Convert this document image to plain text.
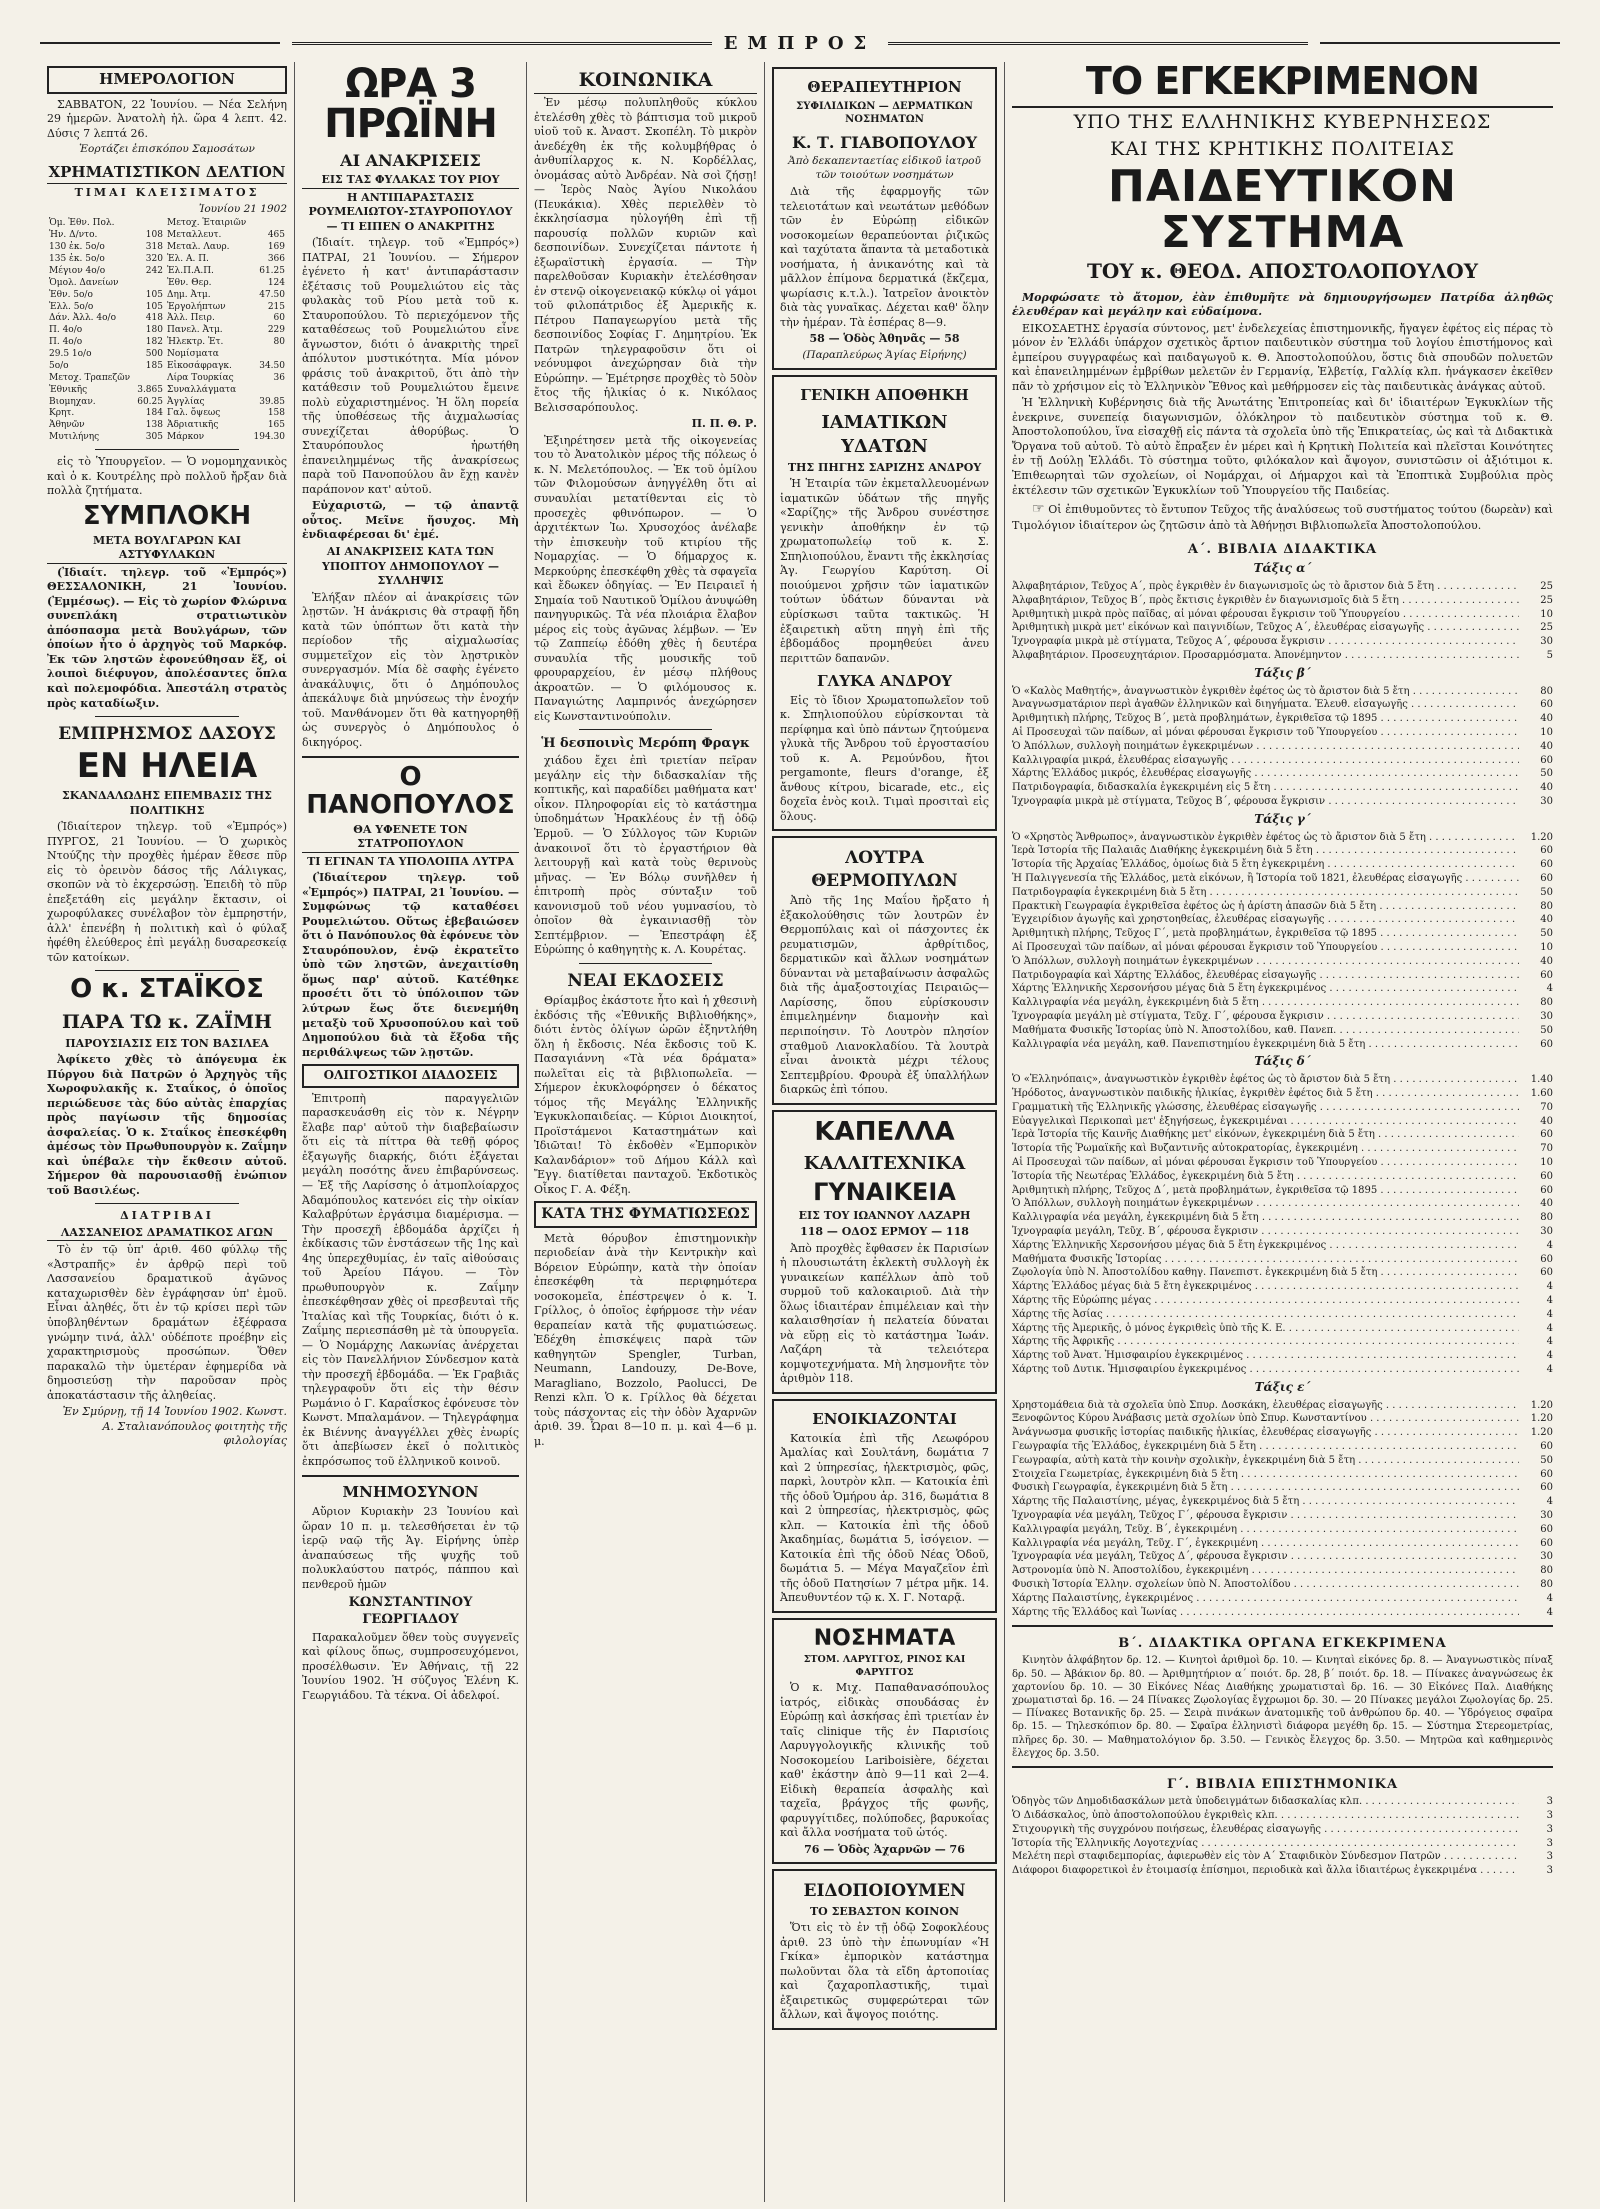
ΕΜΠΡΟΣ
ΗΜΕΡΟΛΟΓΙΟΝ

ΣΑΒΒΑΤΟΝ, 22 Ἰουνίου. — Νέα Σελήνη 29 ἡμερῶν. Ἀνατολὴ ἡλ. ὥρα 4 λεπτ. 42. Δύσις 7 λεπτά 26.

Ἑορτάζει ἑπισκόπου Σαμοσάτων
ΧΡΗΜΑΤΙΣΤΙΚΟΝ ΔΕΛΤΙΟΝ
ΤΙΜΑΙ ΚΛΕΙΣΙΜΑΤΟΣ
Ἰουνίου 21 1902
Ὁμ. Ἐθν. Πολ.		Μετοχ. Ἑταιριῶν	
Ἡν. Δ/ντο.	108	Μεταλλευτ.	465
130 ἐκ. 5ο/ο	318	Μεταλ. Λαυρ.	169
135 ἐκ. 5ο/ο	320	Ἑλ. Α. Π.	366
Μέγιον 4ο/ο	242	Ἑλ.Π.Α.Π.	61.25
Ὁμολ. Δανείων		Ἐθν. Θερ.	124
Ἐθν. 5ο/ο	105	Δημ. Ἀτμ.	47.50
Ἑλλ. 5ο/ο	105	Ἐργολήπτων	215
Δάν. Ἀλλ. 4ο/ο	418	Ἀλλ. Πειρ.	60
Π. 4ο/ο	180	Πανελ. Ἀτμ.	229
Π. 4ο/ο	182	Ἠλεκτρ. Ἑτ.	80
29.5 1ο/ο	500	Νομίσματα	
5ο/ο	185	Εἰκοσάφραγκ.	34.50
Μετοχ. Τραπεζῶν		Λίρα Τουρκίας	36
Ἐθνικῆς	3.865	Συναλλάγματα	
Βιομηχαν.	60.25	Ἀγγλίας	39.85
Κρητ.	184	Γαλ. ὄψεως	158
Ἀθηνῶν	138	Ἀδριατικῆς	165
Μυτιλήνης	305	Μάρκον	194.30

εἰς τὸ Ὑπουργεῖον. — Ὁ νομομηχανικὸς καὶ ὁ κ. Κουτρέλης πρὸ πολλοῦ ἤρξαν διὰ πολλὰ ζητήματα.

ΣΥΜΠΛΟΚΗ
ΜΕΤΑ ΒΟΥΛΓΑΡΩΝ ΚΑΙ ΑΣΤΥΦΥΛΑΚΩΝ

(Ἰδιαίτ. τηλεγρ. τοῦ «Ἐμπρός») ΘΕΣΣΑΛΟΝΙΚΗ, 21 Ἰουνίου. (Ἐμμέσως). — Εἰς τὸ χωρίον Φλώρινα συνεπλάκη στρατιωτικὸν ἀπόσπασμα μετὰ Βουλγάρων, τῶν ὁποίων ἦτο ὁ ἀρχηγὸς τοῦ Μαρκόφ. Ἐκ τῶν ληστῶν ἐφονεύθησαν ἕξ, οἱ λοιποὶ διέφυγον, ἀπολέσαντες ὅπλα καὶ πολεμοφόδια. Ἀπεστάλη στρατὸς πρὸς καταδίωξιν.

ΕΜΠΡΗΣΜΟΣ ΔΑΣΟΥΣ
ΕΝ ΗΛΕΙΑ
ΣΚΑΝΔΑΛΩΔΗΣ ΕΠΕΜΒΑΣΙΣ ΤΗΣ ΠΟΛΙΤΙΚΗΣ

(Ἰδιαίτερον τηλεγρ. τοῦ «Ἐμπρός») ΠΥΡΓΟΣ, 21 Ἰουνίου. — Ὁ χωρικὸς Ντούζης τὴν προχθὲς ἡμέραν ἔθεσε πῦρ εἰς τὸ ὀρεινὸν δάσος τῆς Λάλιγκας, σκοπῶν νὰ τὸ ἐκχερσώσῃ. Ἐπειδὴ τὸ πῦρ ἐπεξετάθη εἰς μεγάλην ἔκτασιν, οἱ χωροφύλακες συνέλαβον τὸν ἐμπρηστήν, ἀλλ' ἐπενέβη ἡ πολιτικὴ καὶ ὁ φύλαξ ἠφέθη ἐλεύθερος ἐπὶ μεγάλῃ δυσαρεσκείᾳ τῶν κατοίκων.

Ο κ. ΣΤΑΪΚΟΣ
ΠΑΡΑ ΤΩ κ. ΖΑΪΜΗ
ΠΑΡΟΥΣΙΑΣΙΣ ΕΙΣ ΤΟΝ ΒΑΣΙΛΕΑ

Ἀφίκετο χθὲς τὸ ἀπόγευμα ἐκ Πύργου διὰ Πατρῶν ὁ Ἀρχηγὸς τῆς Χωροφυλακῆς κ. Σταΐκος, ὁ ὁποῖος περιώδευσε τὰς δύο αὐτὰς ἐπαρχίας πρὸς παγίωσιν τῆς δημοσίας ἀσφαλείας. Ὁ κ. Σταΐκος ἐπεσκέφθη ἀμέσως τὸν Πρωθυπουργὸν κ. Ζαΐμην καὶ ὑπέβαλε τὴν ἔκθεσιν αὐτοῦ. Σήμερον θὰ παρουσιασθῇ ἐνώπιον τοῦ Βασιλέως.

ΔΙΑΤΡΙΒΑΙ
ΛΑΣΣΑΝΕΙΟΣ ΔΡΑΜΑΤΙΚΟΣ ΑΓΩΝ

Τὸ ἐν τῷ ὑπ' ἀριθ. 460 φύλλῳ τῆς «Ἀστραπῆς» ἐν ἀρθρῷ περὶ τοῦ Λασσανείου δραματικοῦ ἀγῶνος καταχωρισθὲν δὲν ἐγράφησαν ὑπ' ἐμοῦ. Εἶναι ἀληθές, ὅτι ἐν τῷ κρίσει περὶ τῶν ὑποβληθέντων δραμάτων ἐξέφρασα γνώμην τινά, ἀλλ' οὐδέποτε προέβην εἰς χαρακτηρισμοὺς προσώπων. Ὅθεν παρακαλῶ τὴν ὑμετέραν ἐφημερίδα νὰ δημοσιεύσῃ τὴν παροῦσαν πρὸς ἀποκατάστασιν τῆς ἀληθείας.

Ἐν Σμύρνῃ, τῇ 14 Ἰουνίου 1902. Κωνστ. Α. Σταλιανόπουλος φοιτητὴς τῆς φιλολογίας

ΩΡΑ 3 ΠΡΩΪΝΗ
ΑΙ ΑΝΑΚΡΙΣΕΙΣ
ΕΙΣ ΤΑΣ ΦΥΛΑΚΑΣ ΤΟΥ ΡΙΟΥ
Η ΑΝΤΙΠΑΡΑΣΤΑΣΙΣ ΡΟΥΜΕΛΙΩΤΟΥ-ΣΤΑΥΡΟΠΟΥΛΟΥ — ΤΙ ΕΙΠΕΝ Ο ΑΝΑΚΡΙΤΗΣ

(Ἰδιαίτ. τηλεγρ. τοῦ «Ἐμπρός») ΠΑΤΡΑΙ, 21 Ἰουνίου. — Σήμερον ἐγένετο ἡ κατ' ἀντιπαράστασιν ἐξέτασις τοῦ Ρουμελιώτου εἰς τὰς φυλακὰς τοῦ Ρίου μετὰ τοῦ κ. Σταυροπούλου. Τὸ περιεχόμενον τῆς καταθέσεως τοῦ Ρουμελιώτου εἶνε ἄγνωστον, διότι ὁ ἀνακριτὴς τηρεῖ ἀπόλυτον μυστικότητα. Μία μόνον φράσις τοῦ ἀνακριτοῦ, ὅτι ἀπὸ τὴν κατάθεσιν τοῦ Ρουμελιώτου ἔμεινε πολὺ εὐχαριστημένος. Ἡ ὅλη πορεία τῆς ὑποθέσεως τῆς ἀιχμαλωσίας συνεχίζεται ἀθορύβως. Ὁ Σταυρόπουλος ἠρωτήθη ἐπανειλημμένως τῆς ἀνακρίσεως παρὰ τοῦ Πανοπούλου ἂν ἔχῃ κανὲν παράπονον κατ' αὐτοῦ.

Εὐχαριστῶ, — τῷ ἀπαντᾷ οὗτος. Μεῖνε ἥσυχος. Μὴ ἐνδιαφέρεσαι δι' ἐμέ.

ΑΙ ΑΝΑΚΡΙΣΕΙΣ ΚΑΤΑ ΤΩΝ ΥΠΟΠΤΟΥ ΔΗΜΟΠΟΥΛΟΥ — ΣΥΛΛΗΨΙΣ

Ἐλήξαν πλέον αἱ ἀνακρίσεις τῶν λῃστῶν. Ἡ ἀνάκρισις θὰ στραφῇ ἤδη κατὰ τῶν ὑπόπτων ὅτι κατὰ τὴν περίοδον τῆς αἰχμαλωσίας συμμετεῖχον εἰς τὸν λῃστρικὸν συνεργασμόν. Μία δὲ σαφὴς ἐγένετο ἀνακάλυψις, ὅτι ὁ Δημόπουλος ἀπεκάλυψε διὰ μηνύσεως τὴν ἐνοχήν τοῦ. Μανθάνομεν ὅτι θὰ κατηγορηθῇ ὡς συνεργὸς ὁ Δημόπουλος ὁ δικηγόρος.

Ο ΠΑΝΟΠΟΥΛΟΣ
ΘΑ ΥΦΕΝΕΤΕ ΤΟΝ ΣΤΑΤΡΟΠΟΥΛΟΝ
ΤΙ ΕΓΙΝΑΝ ΤΑ ΥΠΟΛΟΙΠΑ ΛΥΤΡΑ

(Ἰδιαίτερον τηλεγρ. τοῦ «Ἐμπρός») ΠΑΤΡΑΙ, 21 Ἰουνίου. — Συμφώνως τῷ καταθέσει Ρουμελιώτου. Οὕτως ἐβεβαιώσεν ὅτι ὁ Πανόπουλος θὰ ἐφόνευε τὸν Σταυρόπουλον, ἐνῷ ἐκρατεῖτο ὑπὸ τῶν ληστῶν, ἀνεχαιτίσθη ὅμως παρ' αὐτοῦ. Κατέθηκε προσέτι ὅτι τὸ ὑπόλοιπον τῶν λύτρων ἕως ὅτε διενεμήθη μεταξὺ τοῦ Χρυσοπούλου καὶ τοῦ Δημοπούλου διὰ τὰ ἔξοδα τῆς περιθάλψεως τῶν λῃστῶν.

ΟΛΙΓΟΣΤΙΚΟΙ ΔΙΑΔΟΣΕΙΣ

Ἐπιτροπὴ παραγγελιῶν παρασκευάσθη εἰς τὸν κ. Νέγρην ἔλαβε παρ' αὐτοῦ τὴν διαβεβαίωσιν ὅτι εἰς τὰ πίττρα θὰ τεθῇ φόρος ἐξαγωγῆς διαρκής, διότι ἐξάγεται μεγάλη ποσότης ἄνευ ἐπιβαρύνσεως. — Ἐξ τῆς Λαρίσσης ὁ ἀτμοπλοίαρχος Ἀδαμόπουλος κατενόει εἰς τὴν οἰκίαν Καλαβρύτων ἐργάσιμα διαμέρισμα. — Τὴν προσεχῆ ἑβδομάδα ἀρχίζει ἡ ἐκδίκασις τῶν ἐνστάσεων τῆς 1ης καὶ 4ης ὑπερεχθυμίας, ἐν ταῖς αἰθούσαις τοῦ Ἀρείου Πάγου. — Τὸν πρωθυπουργὸν κ. Ζαΐμην ἐπεσκέφθησαν χθὲς οἱ πρεσβευταὶ τῆς Ἰταλίας καὶ τῆς Τουρκίας, διότι ὁ κ. Ζαΐμης περιεσπάσθη μὲ τὰ ὑπουργεῖα. — Ὁ Νομάρχης Λακωνίας ἀνέρχεται εἰς τὸν Πανελλήνιον Σύνδεσμον κατὰ τὴν προσεχῆ ἑβδομάδα. — Ἐκ Γραβιᾶς τηλεγραφοῦν ὅτι εἰς τὴν θέσιν Ρωμάνιο ὁ Γ. Καραΐσκος ἐφόνευσε τὸν Κωνστ. Μπαλαμάνον. — Τηλεγράφημα ἐκ Βιέννης ἀναγγέλλει χθὲς ἐνωρίς ὅτι ἀπεβίωσεν ἐκεῖ ὁ πολιτικὸς ἐκπρόσωπος τοῦ ἑλληνικοῦ κοινοῦ.

ΜΝΗΜΟΣΥΝΟΝ

Αὔριον Κυριακὴν 23 Ἰουνίου καὶ ὥραν 10 π. μ. τελεσθήσεται ἐν τῷ ἱερῷ ναῷ τῆς Ἁγ. Εἰρήνης ὑπὲρ ἀναπαύσεως τῆς ψυχῆς τοῦ πολυκλαύστου πατρός, πάππου καὶ πενθεροῦ ἡμῶν

ΚΩΝΣΤΑΝΤΙΝΟΥ ΓΕΩΡΓΙΑΔΟΥ

Παρακαλοῦμεν ὅθεν τοὺς συγγενεῖς καὶ φίλους ὅπως, συμπροσευχόμενοι, προσέλθωσιν. Ἐν Ἀθήναις, τῇ 22 Ἰουνίου 1902. Ἡ σύζυγος Ἑλένη Κ. Γεωργιάδου. Τὰ τέκνα. Οἱ ἀδελφοί.

ΚΟΙΝΩΝΙΚΑ

Ἐν μέσῳ πολυπληθοῦς κύκλου ἐτελέσθη χθὲς τὸ βάπτισμα τοῦ μικροῦ υἱοῦ τοῦ κ. Ἀναστ. Σκοπέλη. Τὸ μικρὸν ἀνεδέχθη ἐκ τῆς κολυμβήθρας ὁ ἀνθυπίλαρχος κ. Ν. Κορδέλλας, ὀνομάσας αὐτὸ Ἀνδρέαν. Νὰ σοὶ ζήσῃ! — Ἱερὸς Ναὸς Ἁγίου Νικολάου (Πευκάκια). Χθὲς περιελθὲν τὸ ἐκκλησίασμα ηὐλογήθη ἐπὶ τῇ παρουσίᾳ πολλῶν κυριῶν καὶ δεσποινίδων. Συνεχίζεται πάντοτε ἡ ἐξωραϊστικὴ ἐργασία. — Τὴν παρελθοῦσαν Κυριακὴν ἐτελέσθησαν ἐν στενῷ οἰκογενειακῷ κύκλῳ οἱ γάμοι τοῦ φιλοπάτριδος ἐξ Ἀμερικῆς κ. Πέτρου Παπαγεωργίου μετὰ τῆς δεσποινίδος Σοφίας Γ. Δημητρίου. Ἐκ Πατρῶν τηλεγραφοῦσιν ὅτι οἱ νεόνυμφοι ἀνεχώρησαν διὰ τὴν Εὐρώπην. — Ἐμέτρησε προχθὲς τὸ 50ὸν ἔτος τῆς ἡλικίας ὁ κ. Νικόλαος Βελισσαρόπουλος.

Π. Π. Θ. Ρ.

Ἐξιηρέτησεν μετὰ τῆς οἰκογενείας του τὸ Ἀνατολικὸν μέρος τῆς πόλεως ὁ κ. Ν. Μελετόπουλος. — Ἐκ τοῦ ὁμίλου τῶν Φιλομούσων ἀνηγγέλθη ὅτι αἱ συναυλίαι μετατίθενται εἰς τὸ προσεχὲς φθινόπωρον. — Ὁ ἀρχιτέκτων Ἰω. Χρυσοχόος ἀνέλαβε τὴν ἐπισκευὴν τοῦ κτιρίου τῆς Νομαρχίας. — Ὁ δήμαρχος κ. Μερκούρης ἐπεσκέφθη χθὲς τὰ σφαγεῖα καὶ ἔδωκεν ὁδηγίας. — Ἐν Πειραιεῖ ἡ Σημαία τοῦ Ναυτικοῦ Ὁμίλου ἀνυψώθη πανηγυρικῶς. Τὰ νέα πλοιάρια ἔλαβον μέρος εἰς τοὺς ἀγῶνας λέμβων. — Ἐν τῷ Ζαππείῳ ἐδόθη χθὲς ἡ δευτέρα συναυλία τῆς μουσικῆς τοῦ φρουραρχείου, ἐν μέσῳ πλήθους ἀκροατῶν. — Ὁ φιλόμουσος κ. Παναγιώτης Λαμπρινός ἀνεχώρησεν εἰς Κωνσταντινούπολιν.

Ἡ δεσποινὶς Μερόπη Φραγκ

χιάδου ἔχει ἐπὶ τριετίαν πεῖραν μεγάλην εἰς τὴν διδασκαλίαν τῆς κοπτικῆς, καὶ παραδίδει μαθήματα κατ' οἶκον. Πληροφορίαι εἰς τὸ κατάστημα ὑποδημάτων Ἡρακλέους ἐν τῇ ὁδῷ Ἑρμοῦ. — Ὁ Σύλλογος τῶν Κυριῶν ἀνακοινοῖ ὅτι τὸ ἐργαστήριον θὰ λειτουργῇ καὶ κατὰ τοὺς θερινοὺς μῆνας. — Ἐν Βόλῳ συνῆλθεν ἡ ἐπιτροπὴ πρὸς σύνταξιν τοῦ κανονισμοῦ τοῦ νέου γυμνασίου, τὸ ὁποῖον θὰ ἐγκαινιασθῇ τὸν Σεπτέμβριον. — Ἐπεστράφη ἐξ Εὐρώπης ὁ καθηγητὴς κ. Λ. Κουρέτας.

ΝΕΑΙ ΕΚΔΟΣΕΙΣ

Θρίαμβος ἐκάστοτε ἦτο καὶ ἡ χθεσινὴ ἐκδόσις τῆς «Ἐθνικῆς Βιβλιοθήκης», διότι ἐντὸς ὀλίγων ὡρῶν ἐξηντλήθη ὅλη ἡ ἔκδοσις. Νέα ἔκδοσις τοῦ Κ. Πασαγιάννη «Τὰ νέα δράματα» πωλεῖται εἰς τὰ βιβλιοπωλεῖα. — Σήμερον ἐκυκλοφόρησεν ὁ δέκατος τόμος τῆς Μεγάλης Ἑλληνικῆς Ἐγκυκλοπαιδείας. — Κύριοι Διοικητοί, Προϊστάμενοι Καταστημάτων καὶ Ἰδιῶται! Τὸ ἐκδοθὲν «Ἐμπορικὸν Καλανδάριον» τοῦ Δήμου Κάλλ καὶ Ἔγγ. διατίθεται πανταχοῦ. Ἐκδοτικὸς Οἶκος Γ. Α. Φέξη.

ΚΑΤΑ ΤΗΣ ΦΥΜΑΤΙΩΣΕΩΣ

Μετὰ θόρυβον ἐπιστημονικὴν περιοδείαν ἀνὰ τὴν Κεντρικὴν καὶ Βόρειον Εὐρώπην, κατὰ τὴν ὁποίαν ἐπεσκέφθη τὰ περιφημότερα νοσοκομεῖα, ἐπέστρεψεν ὁ κ. Ἰ. Γρίλλος, ὁ ὁποῖος ἐφήρμοσε τὴν νέαν θεραπείαν κατὰ τῆς φυματιώσεως. Ἐδέχθη ἐπισκέψεις παρὰ τῶν καθηγητῶν Spengler, Turban, Neumann, Landouzy, De-Bove, Maragliano, Bozzolo, Paolucci, De Renzi κλπ. Ὁ κ. Γρίλλος θὰ δέχεται τοὺς πάσχοντας εἰς τὴν ὁδὸν Ἀχαρνῶν ἀριθ. 39. Ὧραι 8—10 π. μ. καὶ 4—6 μ. μ.

ΘΕΡΑΠΕΥΤΗΡΙΟΝ
ΣΥΦΙΛΙΔΙΚΩΝ — ΔΕΡΜΑΤΙΚΩΝ ΝΟΣΗΜΑΤΩΝ
Κ. Τ. ΓΙΑΒΟΠΟΥΛΟΥ
Ἀπὸ δεκαπενταετίας εἰδικοῦ ἰατροῦ τῶν τοιούτων νοσημάτων

Διὰ τῆς ἐφαρμογῆς τῶν τελειοτάτων καὶ νεωτάτων μεθόδων τῶν ἐν Εὐρώπῃ εἰδικῶν νοσοκομείων θεραπεύονται ῥιζικῶς καὶ ταχύτατα ἅπαντα τὰ μεταδοτικὰ νοσήματα, ἡ ἀνικανότης καὶ τὰ μᾶλλον ἐπίμονα δερματικά (ἔκζεμα, ψωρίασις κ.τ.λ.). Ἰατρεῖον ἀνοικτὸν διὰ τὰς γυναῖκας. Δέχεται καθ' ὅλην τὴν ἡμέραν. Τὰ ἑσπέρας 8—9.

58 — Ὁδὸς Ἀθηνᾶς — 58
(Παραπλεύρως Ἁγίας Εἰρήνης)
ΓΕΝΙΚΗ ΑΠΟΘΗΚΗ
ΙΑΜΑΤΙΚΩΝ ΥΔΑΤΩΝ
ΤΗΣ ΠΗΓΗΣ ΣΑΡΙΖΗΣ ΑΝΔΡΟΥ

Ἡ Ἑταιρία τῶν ἐκμεταλλευομένων ἰαματικῶν ὑδάτων τῆς πηγῆς «Σαρίζης» τῆς Ἄνδρου συνέστησε γενικὴν ἀποθήκην ἐν τῷ χρωματοπωλείῳ τοῦ κ. Σ. Σπηλιοπούλου, ἔναντι τῆς ἐκκλησίας Ἁγ. Γεωργίου Καρύτση. Οἱ ποιούμενοι χρῆσιν τῶν ἰαματικῶν τούτων ὑδάτων δύνανται νὰ εὑρίσκωσι ταῦτα τακτικῶς. Ἡ ἐξαιρετικὴ αὕτη πηγὴ ἐπὶ τῆς ἑβδομάδος προμηθεύει ἀνευ περιττῶν δαπανῶν.

ΓΛΥΚΑ ΑΝΔΡΟΥ

Εἰς τὸ ἴδιον Χρωματοπωλεῖον τοῦ κ. Σπηλιοπούλου εὑρίσκονται τὰ περίφημα καὶ ὑπὸ πάντων ζητούμενα γλυκὰ τῆς Ἄνδρου τοῦ ἐργοστασίου τοῦ κ. Α. Ρεμούνδου, ἤτοι pergamonte, fleurs d'orange, ἐξ ἄνθους κίτρου, bicarade, etc., εἰς δοχεῖα ἐνὸς κοιλ. Τιμαὶ προσιταὶ εἰς ὅλους.

ΛΟΥΤΡΑ ΘΕΡΜΟΠΥΛΩΝ

Ἀπὸ τῆς 1ης Μαΐου ἤρξατο ἡ ἐξακολούθησις τῶν λουτρῶν ἐν Θερμοπύλαις καὶ οἱ πάσχοντες ἐκ ρευματισμῶν, ἀρθρίτιδος, δερματικῶν καὶ ἄλλων νοσημάτων δύνανται νὰ μεταβαίνωσιν ἀσφαλῶς διὰ τῆς ἀμαξοστοιχίας Πειραιῶς—Λαρίσσης, ὅπου εὑρίσκουσιν ἐπιμελημένην διαμονὴν καὶ περιποίησιν. Τὸ Λουτρὸν πλησίον σταθμοῦ Λιανοκλαδίου. Τὰ λουτρὰ εἶναι ἀνοικτὰ μέχρι τέλους Σεπτεμβρίου. Φρουρὰ ἐξ ὑπαλλήλων διαρκῶς ἐπὶ τόπου.

ΚΑΠΕΛΛΑ
ΚΑΛΛΙΤΕΧΝΙΚΑ
ΓΥΝΑΙΚΕΙΑ
ΕΙΣ ΤΟΥ ΙΩΑΝΝΟΥ ΛΑΖΑΡΗ
118 — ΟΔΟΣ ΕΡΜΟΥ — 118

Ἀπὸ προχθὲς ἔφθασεν ἐκ Παρισίων ἡ πλουσιωτάτη ἐκλεκτὴ συλλογὴ ἐκ γυναικείων καπέλλων ἀπὸ τοῦ συρμοῦ τοῦ καλοκαιριοῦ. Διὰ τὴν ὅλως ἰδιαιτέραν ἐπιμέλειαν καὶ τὴν καλαισθησίαν ἡ πελατεία δύναται νὰ εὕρῃ εἰς τὸ κατάστημα Ἰωάν. Λαζάρη τὰ τελειότερα κομψοτεχνήματα. Μὴ λησμονῆτε τὸν ἀριθμὸν 118.

ΕΝΟΙΚΙΑΖΟΝΤΑΙ

Κατοικία ἐπὶ τῆς Λεωφόρου Ἀμαλίας καὶ Σουλτάνη, δωμάτια 7 καὶ 2 ὑπηρεσίας, ἠλεκτρισμὸς, φῶς, παρκὶ, λουτρὸν κλπ. — Κατοικία ἐπὶ τῆς ὁδοῦ Ὁμήρου ἀρ. 316, δωμάτια 8 καὶ 2 ὑπηρεσίας, ἠλεκτρισμὸς, φῶς κλπ. — Κατοικία ἐπὶ τῆς ὁδοῦ Ἀκαδημίας, δωμάτια 5, ἰσόγειον. — Κατοικία ἐπὶ τῆς ὁδοῦ Νέας Ὁδοῦ, δωμάτια 5. — Μέγα Μαγαζεῖον ἐπὶ τῆς ὁδοῦ Πατησίων 7 μέτρα μῆκ. 14. Ἀπευθυντέον τῷ κ. Χ. Γ. Νοταρᾷ.

ΝΟΣΗΜΑΤΑ
ΣΤΟΜ. ΛΑΡΥΓΓΟΣ, ΡΙΝΟΣ ΚΑΙ ΦΑΡΥΓΓΟΣ

Ὁ κ. Μιχ. Παπαθανασόπουλος ἰατρός, εἰδικὰς σπουδάσας ἐν Εὐρώπῃ καὶ ἀσκήσας ἐπὶ τριετίαν ἐν ταῖς clinique τῆς ἐν Παρισίοις Λαρυγγολογικῆς κλινικῆς τοῦ Νοσοκομείου Lariboisière, δέχεται καθ' ἑκάστην ἀπὸ 9—11 καὶ 2—4. Εἰδικὴ θεραπεία ἀσφαλὴς καὶ ταχεῖα, βράγχος τῆς φωνῆς, φαρυγγίτιδες, πολύποδες, βαρυκοΐας καὶ ἄλλα νοσήματα τοῦ ὠτός.

76 — Ὁδὸς Ἀχαρνῶν — 76
ΕΙΔΟΠΟΙΟΥΜΕΝ
ΤΟ ΣΕΒΑΣΤΟΝ ΚΟΙΝΟΝ

Ὅτι εἰς τὸ ἐν τῇ ὁδῷ Σοφοκλέους ἀριθ. 23 ὑπὸ τὴν ἐπωνυμίαν «Ἡ Γκίκα» ἐμπορικὸν κατάστημα πωλοῦνται ὅλα τὰ εἴδη ἀρτοποιίας καὶ ζαχαροπλαστικῆς, τιμαὶ ἐξαιρετικῶς συμφερώτεραι τῶν ἄλλων, καὶ ἄψογος ποιότης.

ΤΟ ΕΓΚΕΚΡΙΜΕΝΟΝ
ΥΠΟ ΤΗΣ ΕΛΛΗΝΙΚΗΣ ΚΥΒΕΡΝΗΣΕΩΣ
ΚΑΙ ΤΗΣ ΚΡΗΤΙΚΗΣ ΠΟΛΙΤΕΙΑΣ
ΠΑΙΔΕΥΤΙΚΟΝ ΣΥΣΤΗΜΑ
ΤΟΥ κ. ΘΕΟΔ. ΑΠΟΣΤΟΛΟΠΟΥΛΟΥ

Μορφώσατε τὸ ἄτομον, ἐὰν ἐπιθυμῆτε νὰ δημιουργήσωμεν Πατρίδα ἀληθῶς ἐλευθέραν καὶ μεγάλην καὶ εὐδαίμονα.

ΕΙΚΟΣΑΕΤΗΣ ἐργασία σύντονος, μετ' ἐνδελεχείας ἐπιστημονικῆς, ἤγαγεν ἐφέτος εἰς πέρας τὸ μόνον ἐν Ἑλλάδι ὑπάρχον σχετικὸς ἄρτιον παιδευτικὸν σύστημα τοῦ λογίου ἐπιστήμονος καὶ ἐμπείρου συγγραφέως καὶ παιδαγωγοῦ κ. Θ. Ἀποστολοπούλου, ὅστις διὰ σπουδῶν πολυετῶν καὶ ἐπανειλημμένων ἐμβρίθων μελετῶν ἐν Γερμανίᾳ, Ἑλβετίᾳ, Γαλλίᾳ κλπ. ἠνάγκασεν ἐκεῖθεν πᾶν τὸ χρήσιμον εἰς τὸ Ἑλληνικὸν Ἔθνος καὶ μεθήρμοσεν εἰς τὰς παιδευτικὰς ἀνάγκας αὐτοῦ.

Ἡ Ἑλληνικὴ Κυβέρνησις διὰ τῆς Ἀνωτάτης Ἐπιτροπείας καὶ δι' ἰδιαιτέρων Ἐγκυκλίων τῆς ἐνεκρινε, συνεπείᾳ διαγωνισμῶν, ὁλόκληρον τὸ παιδευτικὸν σύστημα τοῦ κ. Θ. Ἀποστολοπούλου, ἵνα εἰσαχθῇ εἰς πάντα τὰ σχολεῖα ὑπὸ τῆς Ἐπικρατείας, ὡς καὶ τὰ Διδακτικὰ Ὄργανα τοῦ αὐτοῦ. Τὸ αὐτὸ ἔπραξεν ἐν μέρει καὶ ἡ Κρητικὴ Πολιτεία καὶ πλεῖσται Κοινότητες ἐν τῇ Δούλῃ Ἑλλάδι. Τὸ σύστημα τοῦτο, φιλόκαλον καὶ ἄψογον, συνιστῶσιν οἱ ἀξιότιμοι κ. Ἐπιθεωρηταὶ τῶν σχολείων, οἱ Νομάρχαι, οἱ Δήμαρχοι καὶ τὰ Ἐποπτικὰ Συμβούλια πρὸς ἐκτέλεσιν τῶν σχετικῶν Ἐγκυκλίων τοῦ Ὑπουργείου τῆς Παιδείας.

☞ Οἱ ἐπιθυμοῦντες τὸ ἔντυπον Τεῦχος τῆς ἀναλύσεως τοῦ συστήματος τούτου (δωρεὰν) καὶ Τιμολόγιον ἰδιαίτερον ὡς ζητῶσιν ἀπὸ τὰ Ἀθήνῃσι Βιβλιοπωλεῖα Ἀποστολοπούλου.

Α΄. ΒΙΒΛΙΑ ΔΙΔΑΚΤΙΚΑ
Τάξις α΄
Ἀλφαβητάριον, Τεῦχος Α΄, πρὸς ἐγκριθὲν ἐν διαγωνισμοῖς ὡς τὸ ἄριστον διὰ 5 ἔτη . . .	25
Ἀλφαβητάριον, Τεῦχος Β΄, πρὸς ἔκτισις ἐγκριθὲν ἐν διαγωνισμοῖς διὰ 5 ἔτη . . .	25
Ἀριθμητικὴ μικρὰ πρὸς παῖδας, αἱ μόναι φέρουσαι ἔγκρισιν τοῦ Ὑπουργείου . . .	10
Ἀριθμητικὴ μικρὰ μετ' εἰκόνων καὶ παιγνιδίων, Τεῦχος Α΄, ἐλευθέρας εἰσαγωγῆς . . .	25
Ἰχνογραφία μικρὰ μὲ στίγματα, Τεῦχος Α΄, φέρουσα ἔγκρισιν . . .	30
Ἀλφαβητάριον. Προσευχητάριον. Προσαρμόσματα. Ἀπονέμηντον . . .	5
Τάξις β΄
Ὁ «Καλὸς Μαθητής», ἀναγνωστικὸν ἐγκριθὲν ἐφέτος ὡς τὸ ἄριστον διὰ 5 ἔτη . . .	80
Ἀναγνωσματάριον περὶ ἀγαθῶν ἐλληνικῶν καὶ διηγήματα. Ἐλευθ. εἰσαγωγῆς . . .	60
Ἀριθμητικὴ πλήρης, Τεῦχος Β΄, μετὰ προβλημάτων, ἐγκριθεῖσα τῷ 1895 . . .	40
Αἱ Προσευχαὶ τῶν παίδων, αἱ μόναι φέρουσαι ἔγκρισιν τοῦ Ὑπουργείου . . .	10
Ὁ Ἀπόλλων, συλλογὴ ποιημάτων ἐγκεκριμένων . . .	40
Καλλιγραφία μικρά, ἐλευθέρας εἰσαγωγῆς . . .	60
Χάρτης Ἑλλάδος μικρός, ἐλευθέρας εἰσαγωγῆς . . .	50
Πατριδογραφία, διδασκαλία ἐγκεκριμένη εἰς 5 ἔτη . . .	40
Ἰχνογραφία μικρὰ μὲ στίγματα, Τεῦχος Β΄, φέρουσα ἔγκρισιν . . .	30
Τάξις γ΄
Ὁ «Χρηστὸς Ἄνθρωπος», ἀναγνωστικὸν ἐγκριθὲν ἐφέτος ὡς τὸ ἄριστον διὰ 5 ἔτη . . .	1.20
Ἱερὰ Ἱστορία τῆς Παλαιᾶς Διαθήκης ἐγκεκριμένη διὰ 5 ἔτη . . .	60
Ἱστορία τῆς Ἀρχαίας Ἑλλάδος, ὁμοίως διὰ 5 ἔτη ἐγκεκριμένη . . .	60
Ἡ Παλιγγενεσία τῆς Ἑλλάδος, μετὰ εἰκόνων, ἢ Ἱστορία τοῦ 1821, ἐλευθέρας εἰσαγωγῆς . . .	60
Πατριδογραφία ἐγκεκριμένη διὰ 5 ἔτη . . .	50
Πρακτικὴ Γεωγραφία ἐγκριθεῖσα ἐφέτος ὡς ἡ ἀρίστη ἀπασῶν διὰ 5 ἔτη . . .	80
Ἐγχειρίδιον ἀγωγῆς καὶ χρηστοηθείας, ἐλευθέρας εἰσαγωγῆς . . .	40
Ἀριθμητικὴ πλήρης, Τεῦχος Γ΄, μετὰ προβλημάτων, ἐγκριθεῖσα τῷ 1895 . . .	50
Αἱ Προσευχαὶ τῶν παίδων, αἱ μόναι φέρουσαι ἔγκρισιν τοῦ Ὑπουργείου . . .	10
Ὁ Ἀπόλλων, συλλογὴ ποιημάτων ἐγκεκριμένων . . .	40
Πατριδογραφία καὶ Χάρτης Ἑλλάδος, ἐλευθέρας εἰσαγωγῆς . . .	60
Χάρτης Ἑλληνικῆς Χερσονήσου μέγας διὰ 5 ἔτη ἐγκεκριμένος . . .	4
Καλλιγραφία νέα μεγάλη, ἐγκεκριμένη διὰ 5 ἔτη . . .	80
Ἰχνογραφία μεγάλη μὲ στίγματα, Τεῦχ. Γ΄, φέρουσα ἔγκρισιν . . .	30
Μαθήματα Φυσικῆς Ἱστορίας ὑπὸ Ν. Ἀποστολίδου, καθ. Πανεπ. . . .	50
Καλλιγραφία νέα μεγάλη, καθ. Πανεπιστημίου ἐγκεκριμένη διὰ 5 ἔτη . . .	60
Τάξις δ΄
Ὁ «Ἑλληνόπαις», ἀναγνωστικὸν ἐγκριθὲν ἐφέτος ὡς τὸ ἄριστον διὰ 5 ἔτη . . .	1.40
Ἡρόδοτος, ἀναγνωστικὸν παιδικῆς ἡλικίας, ἐγκριθὲν ἐφέτος διὰ 5 ἔτη . . .	1.60
Γραμματικὴ τῆς Ἑλληνικῆς γλώσσης, ἐλευθέρας εἰσαγωγῆς . . .	70
Εὐαγγελικαὶ Περικοπαὶ μετ' ἐξηγήσεως, ἐγκεκριμέναι . . .	40
Ἱερὰ Ἱστορία τῆς Καινῆς Διαθήκης μετ' εἰκόνων, ἐγκεκριμένη διὰ 5 ἔτη . . .	60
Ἱστορία τῆς Ῥωμαϊκῆς καὶ Βυζαντινῆς αὐτοκρατορίας, ἐγκεκριμένη . . .	70
Αἱ Προσευχαὶ τῶν παίδων, αἱ μόναι φέρουσαι ἔγκρισιν τοῦ Ὑπουργείου . . .	10
Ἱστορία τῆς Νεωτέρας Ἑλλάδος, ἐγκεκριμένη διὰ 5 ἔτη . . .	60
Ἀριθμητικὴ πλήρης, Τεῦχος Δ΄, μετὰ προβλημάτων, ἐγκριθεῖσα τῷ 1895 . . .	60
Ὁ Ἀπόλλων, συλλογὴ ποιημάτων ἐγκεκριμένων . . .	40
Καλλιγραφία νέα μεγάλη, ἐγκεκριμένη διὰ 5 ἔτη . . .	80
Ἰχνογραφία μεγάλη, Τεῦχ. Β΄, φέρουσα ἔγκρισιν . . .	30
Χάρτης Ἑλληνικῆς Χερσονήσου μέγας διὰ 5 ἔτη ἐγκεκριμένος . . .	4
Μαθήματα Φυσικῆς Ἱστορίας . . .	60
Ζῳολογία ὑπὸ Ν. Ἀποστολίδου καθηγ. Πανεπιστ. ἐγκεκριμένη διὰ 5 ἔτη . . .	60
Χάρτης Ἑλλάδος μέγας διὰ 5 ἔτη ἐγκεκριμένος . . .	4
Χάρτης τῆς Εὐρώπης μέγας . . .	4
Χάρτης τῆς Ἀσίας . . .	4
Χάρτης τῆς Ἀμερικῆς, ὁ μόνος ἐγκριθεὶς ὑπὸ τῆς Κ. Ε. . . .	4
Χάρτης τῆς Ἀφρικῆς . . .	4
Χάρτης τοῦ Ἀνατ. Ἡμισφαιρίου ἐγκεκριμένος . . .	4
Χάρτης τοῦ Δυτικ. Ἡμισφαιρίου ἐγκεκριμένος . . .	4
Τάξις ε΄
Χρηστομάθεια διὰ τὰ σχολεῖα ὑπὸ Σπυρ. Δοσκάκη, ἐλευθέρας εἰσαγωγῆς . . .	1.20
Ξενοφῶντος Κύρου Ἀνάβασις μετὰ σχολίων ὑπὸ Σπυρ. Κωνσταντίνου . . .	1.20
Ἀνάγνωσμα φυσικῆς ἱστορίας παιδικῆς ἡλικίας, ἐλευθέρας εἰσαγωγῆς . . .	1.20
Γεωγραφία τῆς Ἑλλάδος, ἐγκεκριμένη διὰ 5 ἔτη . . .	60
Γεωγραφία, αὐτὴ κατὰ τὴν κοινὴν σχολικὴν, ἐγκεκριμένη διὰ 5 ἔτη . . .	50
Στοιχεῖα Γεωμετρίας, ἐγκεκριμένη διὰ 5 ἔτη . . .	60
Φυσικὴ Γεωγραφία, ἐγκεκριμένη διὰ 5 ἔτη . . .	60
Χάρτης τῆς Παλαιστίνης, μέγας, ἐγκεκριμένος διὰ 5 ἔτη . . .	4
Ἰχνογραφία νέα μεγάλη, Τεῦχος Γ΄, φέρουσα ἔγκρισιν . . .	30
Καλλιγραφία μεγάλη, Τεῦχ. Β΄, ἐγκεκριμένη . . .	60
Καλλιγραφία νέα μεγάλη, Τεῦχ. Γ΄, ἐγκεκριμένη . . .	60
Ἰχνογραφία νέα μεγάλη, Τεῦχος Δ΄, φέρουσα ἔγκρισιν . . .	30
Ἀστρονομία ὑπὸ Ν. Ἀποστολίδου, ἐγκεκριμένη . . .	80
Φυσικὴ Ἱστορία Ἑλλην. σχολείων ὑπὸ Ν. Ἀποστολίδου . . .	80
Χάρτης Παλαιστίνης, ἐγκεκριμένος . . .	4
Χάρτης τῆς Ἑλλάδος καὶ Ἰωνίας . . .	4
Β΄. ΔΙΔΑΚΤΙΚΑ ΟΡΓΑΝΑ ΕΓΚΕΚΡΙΜΕΝΑ

Κινητὸν ἀλφάβητον δρ. 12. — Κινητοὶ ἀριθμοὶ δρ. 10. — Κινηταὶ εἰκόνες δρ. 8. — Ἀναγνωστικὸς πίναξ δρ. 50. — Ἀβάκιον δρ. 80. — Ἀριθμητήριον α΄ ποιότ. δρ. 28, β΄ ποιότ. δρ. 18. — Πίνακες ἀναγνώσεως ἐκ χαρτονίου δρ. 10. — 30 Εἰκόνες Νέας Διαθήκης χρωματισταὶ δρ. 16. — 30 Εἰκόνες Παλ. Διαθήκης χρωματισταὶ δρ. 16. — 24 Πίνακες Ζῳολογίας ἔγχρωμοι δρ. 30. — 20 Πίνακες μεγάλοι Ζῳολογίας δρ. 25. — Πίνακες Βοτανικῆς δρ. 25. — Σειρὰ πινάκων ἀνατομικῆς τοῦ ἀνθρώπου δρ. 40. — Ὑδρόγειος σφαῖρα δρ. 15. — Τηλεσκόπιον δρ. 80. — Σφαῖρα ἐλληνιστὶ διάφορα μεγέθη δρ. 15. — Σύστημα Στερεομετρίας, πλῆρες δρ. 30. — Μαθηματολόγιον δρ. 3.50. — Γενικὸς ἔλεγχος δρ. 3.50. — Μητρῶα καὶ καθημερινὸς ἔλεγχος δρ. 3.50.

Γ΄. ΒΙΒΛΙΑ ΕΠΙΣΤΗΜΟΝΙΚΑ
Ὁδηγὸς τῶν Δημοδιδασκάλων μετὰ ὑποδειγμάτων διδασκαλίας κλπ. . . .	3
Ὁ Διδάσκαλος, ὑπὸ ἀποστολοπούλου ἐγκριθεὶς κλπ. . . .	3
Στιχουργικὴ τῆς συγχρόνου ποιήσεως, ἐλευθέρας εἰσαγωγῆς . . .	3
Ἱστορία τῆς Ἑλληνικῆς Λογοτεχνίας . . .	3
Μελέτη περὶ σταφιδεμπορίας, ἀφιερωθὲν εἰς τὸν Α΄ Σταφιδικὸν Σύνδεσμον Πατρῶν . . .	3
Διάφοροι διαφορετικοὶ ἐν ἑτοιμασίᾳ ἐπίσημοι, περιοδικὰ καὶ ἄλλα ἰδιαιτέρως ἐγκεκριμένα . . .	3
